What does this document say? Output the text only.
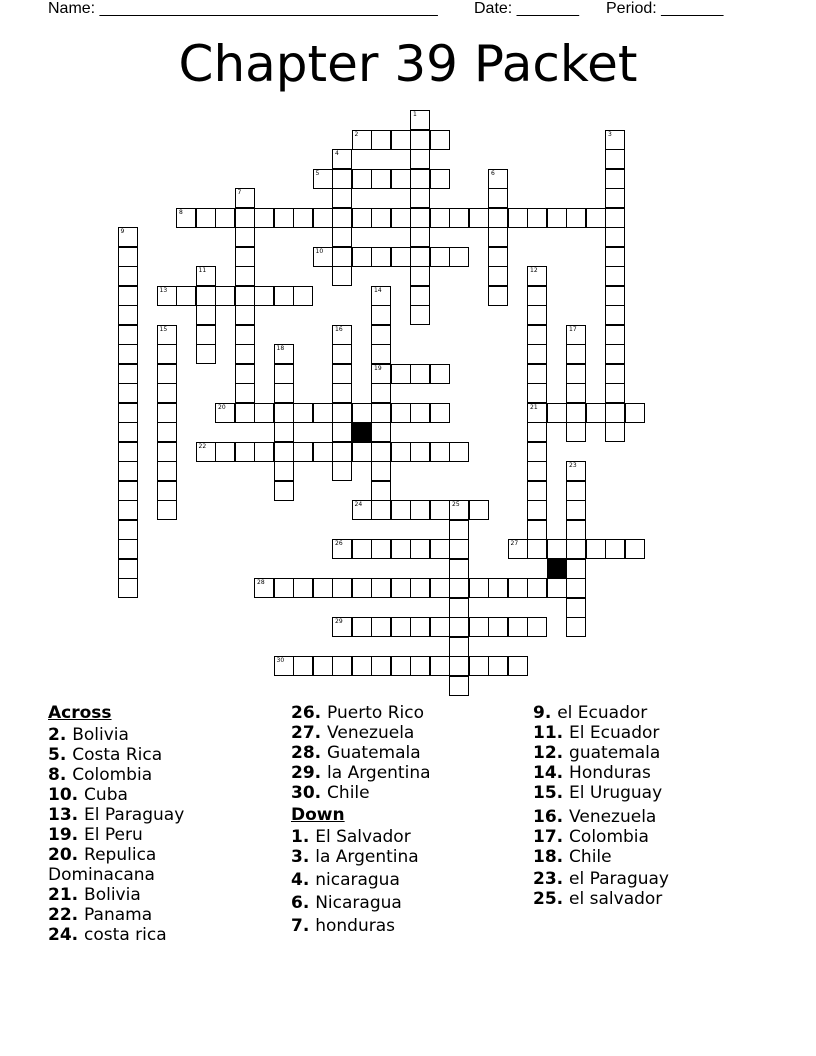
Name: ______________________________________ Date: _______ Period: _______
Chapter 39 Packet
1
2	3
4
5	6
7
8
9
10
11	12
21
13	14
19
15	16	17
18
20
22
23
24	25
26	27
28
29
30
Across
2. Bolivia
5. Costa Rica
8. Colombia
10. Cuba
13. El Paraguay
19. El Peru
20. Repulica
Dominacana
21. Bolivia
22. Panama
24. costa rica
26. Puerto Rico
27. Venezuela
28. Guatemala
29. la Argentina
30. Chile
Down
1. El Salvador
3. la Argentina
4. nicaragua
6. Nicaragua
7. honduras
9. el Ecuador
11. El Ecuador
12. guatemala
14. Honduras
15. El Uruguay
16. Venezuela
17. Colombia
18. Chile
23. el Paraguay
25. el salvador
